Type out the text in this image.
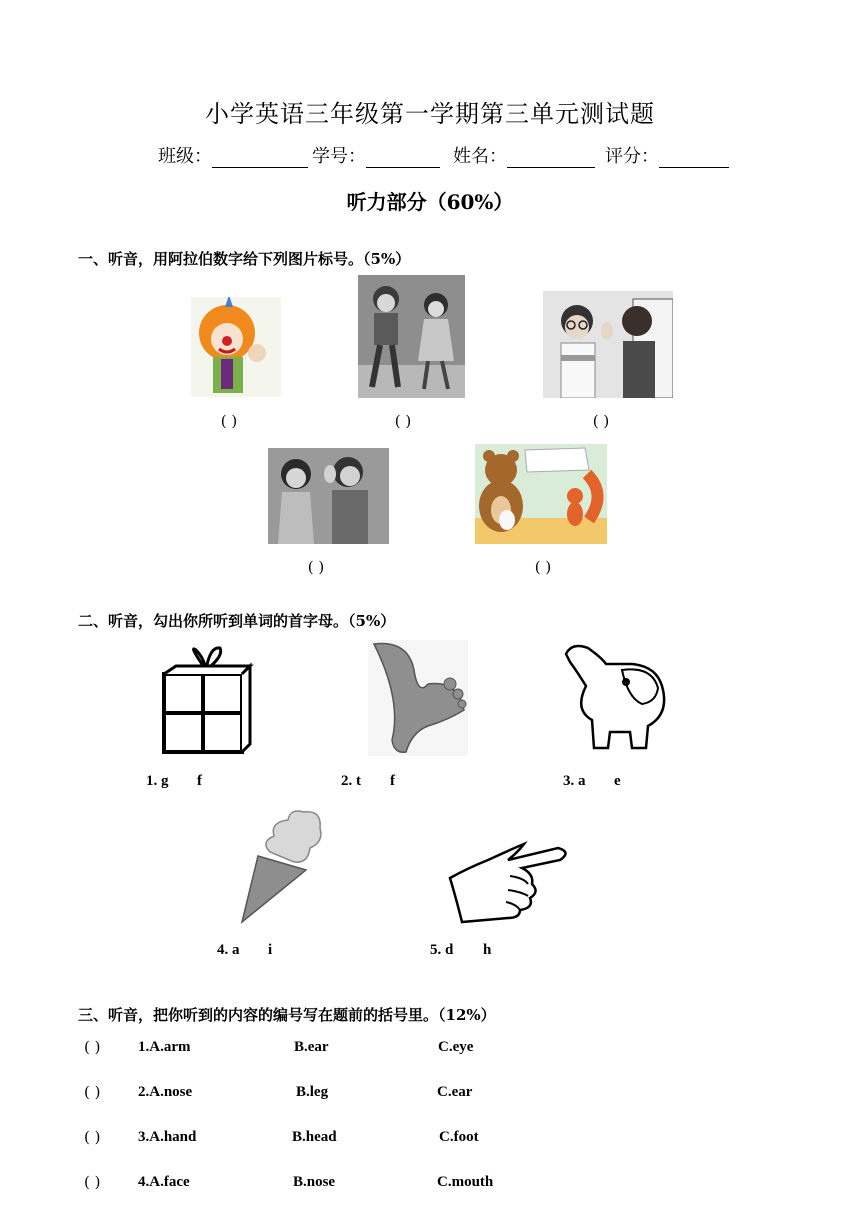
小学英语三年级第一学期第三单元测试题
班级：	学号：	姓名：	评分：
听力部分（60%）
一、听音，用阿拉伯数字给下列图片标号。（5%）
( )	( )	( )
( )	( )
二、听音，勾出你所听到单词的首字母。（5%）
1. g f	2. t f	3. a e
4. a i	5. d h
三、听音，把你听到的内容的编号写在题前的括号里。（12%）
( )	1.A.arm	B.ear	C.eye
( )	2.A.nose	B.leg	C.ear
( )	3.A.hand	B.head	C.foot
( )	4.A.face	B.nose	C.mouth
